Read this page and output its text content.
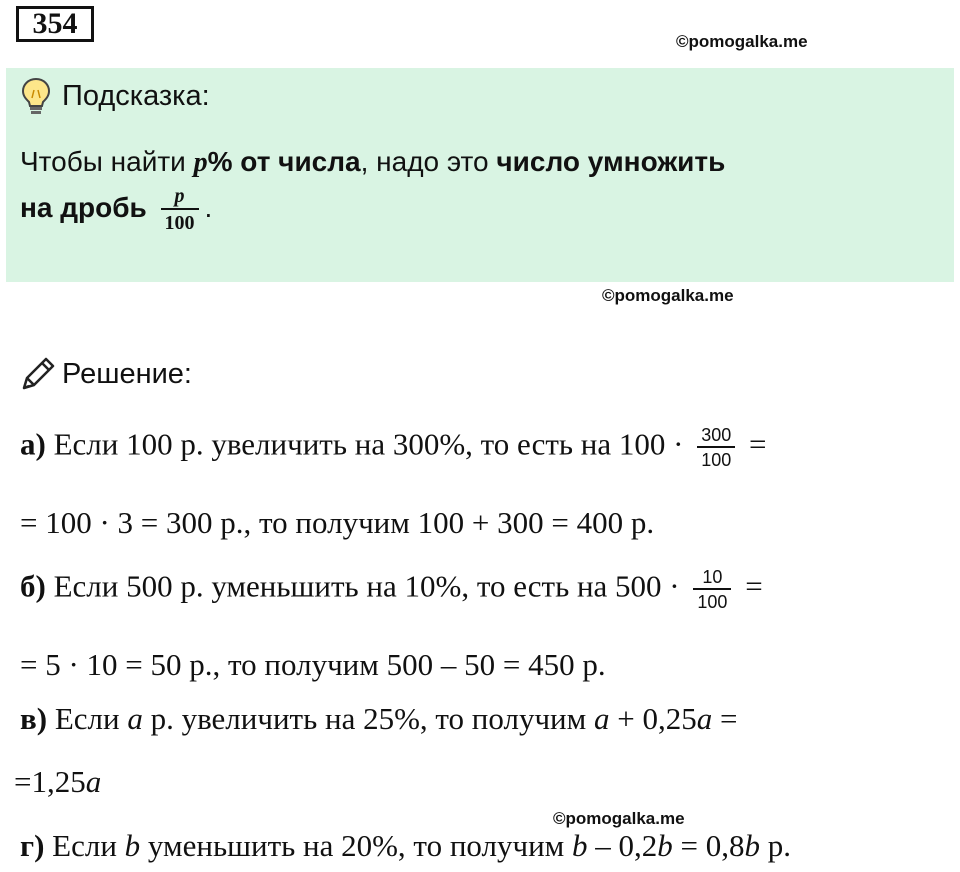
354
©pomogalka.me
Подсказка:
Чтобы найти p% от числа, надо это число умножить
на дробь $\frac{p}{100}$ .
©pomogalka.me
Решение:
а) Если 100 р. увеличить на 300%, то есть на $100 \cdot \frac{300}{100}$ =
= 100 · 3 = 300 р., то получим 100 + 300 = 400 р.
б) Если 500 р. уменьшить на 10%, то есть на $500 \cdot \frac{10}{100}$ =
= 5 · 10 = 50 р., то получим 500 – 50 = 450 р.
в) Если a р. увеличить на 25%, то получим a + 0,25a =
=1,25a
©pomogalka.me
г) Если b уменьшить на 20%, то получим b – 0,2b = 0,8b р.
